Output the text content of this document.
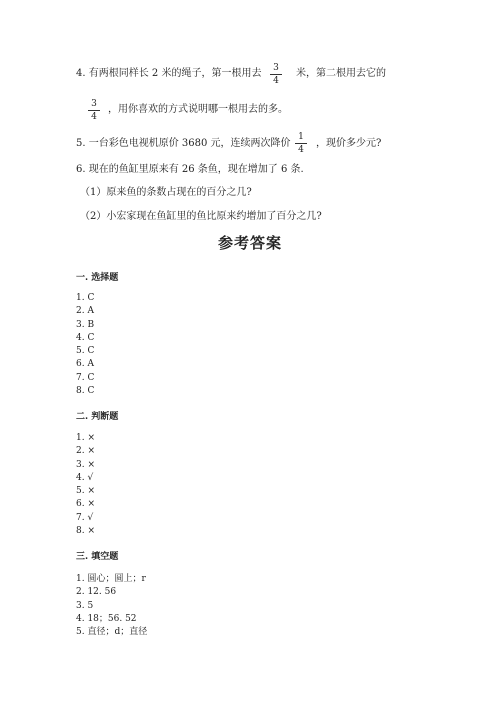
4. 有两根同样长 2 米的绳子，第一根用去	3
4
米，第二根用去它的
3
4
，用你喜欢的方式说明哪一根用去的多。
5. 一台彩色电视机原价 3680 元，连续两次降价
1
4
，现价多少元?
6. 现在的鱼缸里原来有 26 条鱼，现在增加了 6 条.
（1）原来鱼的条数占现在的百分之几?
（2）小宏家现在鱼缸里的鱼比原来约增加了百分之几?
参考答案
一. 选择题
1. C
2. A
3. B
4. C
5. C
6. A
7. C
8. C
二. 判断题
1. ×
2. ×
3. ×
4. √
5. ×
6. ×
7. √
8. ×
三. 填空题
1. 圆心；圆上；r
2. 12. 56
3. 5
4. 18；56. 52
5. 直径；d；直径
